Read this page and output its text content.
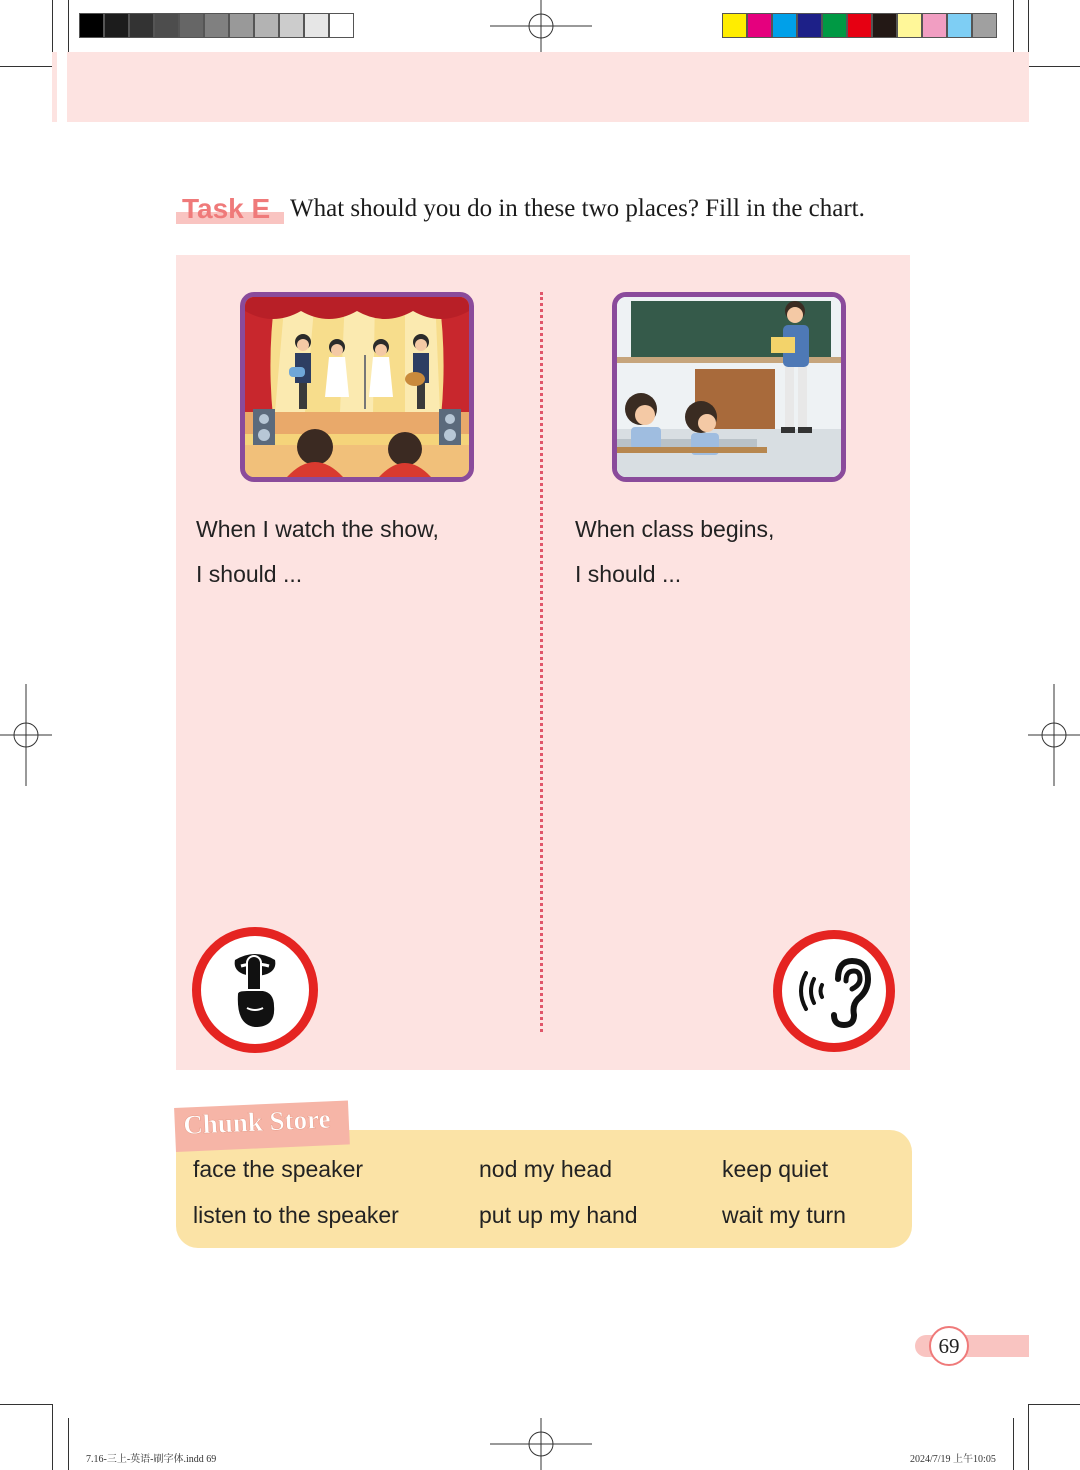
Task E What should you do in these two places? Fill in the chart.
When I watch the show,
I should ...
When class begins,
I should ...
Chunk Store
face the speaker	nod my head	keep quiet
listen to the speaker	put up my hand	wait my turn
69
7.16-三上-英语-刷字体.indd 69	2024/7/19 上午10:05
